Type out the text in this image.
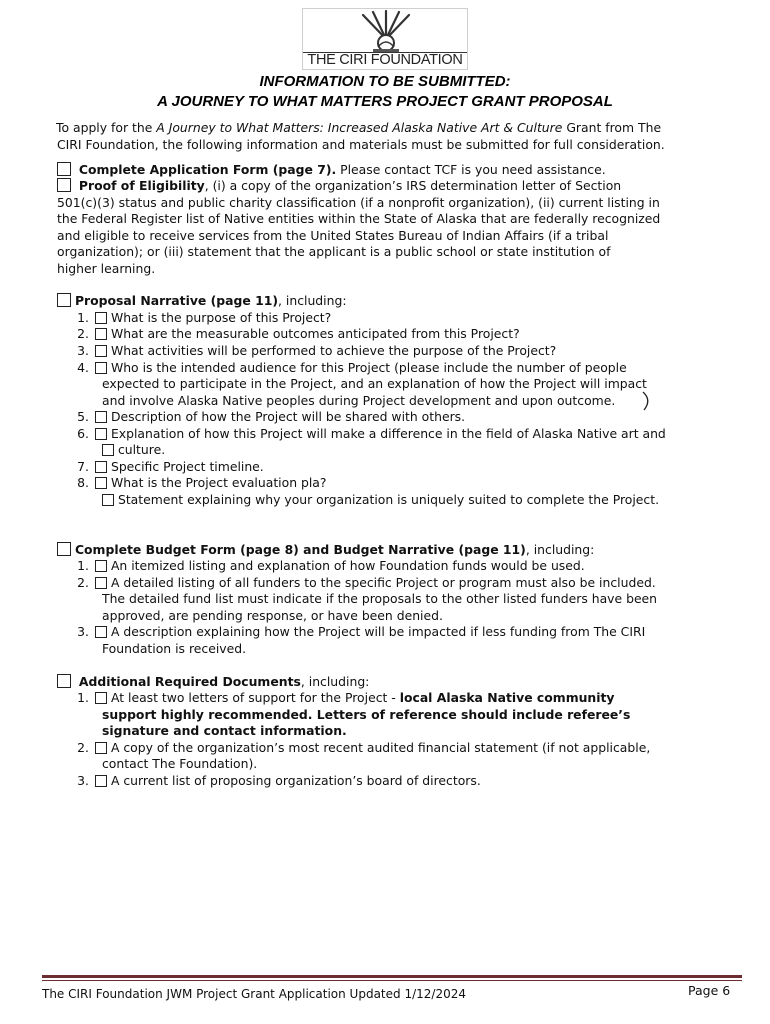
THE CIRI FOUNDATION
INFORMATION TO BE SUBMITTED:
A JOURNEY TO WHAT MATTERS PROJECT GRANT PROPOSAL
To apply for the A Journey to What Matters: Increased Alaska Native Art & Culture Grant from The
CIRI Foundation, the following information and materials must be submitted for full consideration.
Complete Application Form (page 7). Please contact TCF is you need assistance.
Proof of Eligibility, (i) a copy of the organization’s IRS determination letter of Section
501(c)(3) status and public charity classification (if a nonprofit organization), (ii) current listing in
the Federal Register list of Native entities within the State of Alaska that are federally recognized
and eligible to receive services from the United States Bureau of Indian Affairs (if a tribal
organization); or (iii) statement that the applicant is a public school or state institution of
higher learning.
Proposal Narrative (page 11), including:
1. What is the purpose of this Project?
2. What are the measurable outcomes anticipated from this Project?
3. What activities will be performed to achieve the purpose of the Project?
4. Who is the intended audience for this Project (please include the number of people
expected to participate in the Project, and an explanation of how the Project will impact
and involve Alaska Native peoples during Project development and upon outcome.
5. Description of how the Project will be shared with others.
6. Explanation of how this Project will make a difference in the field of Alaska Native art and
culture.
7. Specific Project timeline.
8. What is the Project evaluation pla?
Statement explaining why your organization is uniquely suited to complete the Project.
Complete Budget Form (page 8) and Budget Narrative (page 11), including:
1. An itemized listing and explanation of how Foundation funds would be used.
2. A detailed listing of all funders to the specific Project or program must also be included.
The detailed fund list must indicate if the proposals to the other listed funders have been
approved, are pending response, or have been denied.
3. A description explaining how the Project will be impacted if less funding from The CIRI
Foundation is received.
Additional Required Documents, including:
1. At least two letters of support for the Project - local Alaska Native community
support highly recommended. Letters of reference should include referee’s
signature and contact information.
2. A copy of the organization’s most recent audited financial statement (if not applicable,
contact The Foundation).
3. A current list of proposing organization’s board of directors.
The CIRI Foundation JWM Project Grant Application Updated 1/12/2024	Page 6
